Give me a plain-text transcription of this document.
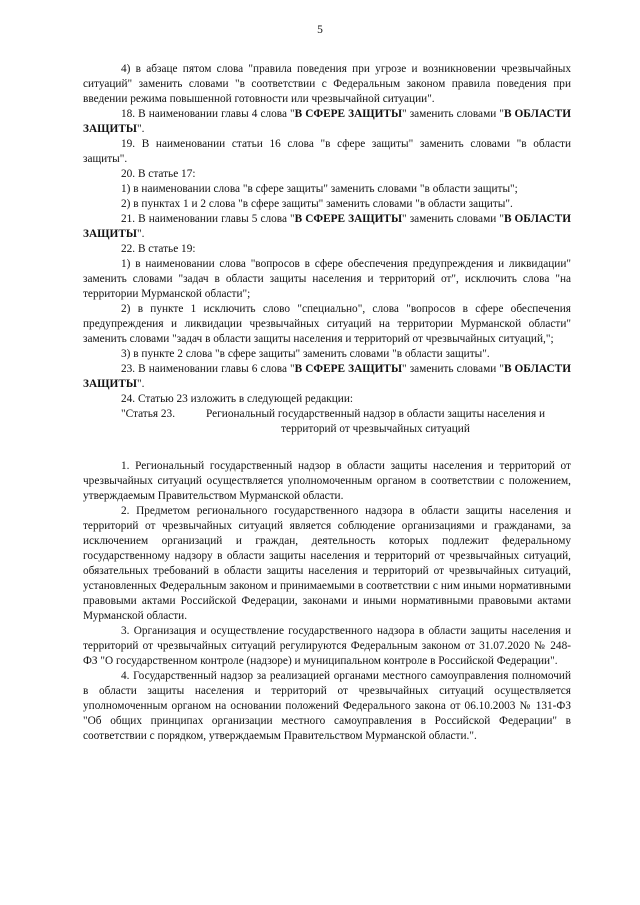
5

4) в абзаце пятом слова "правила поведения при угрозе и возникновении чрезвычайных ситуаций" заменить словами "в соответствии с Федеральным законом правила поведения при введении режима повышенной готовности или чрезвычайной ситуации".

18. В наименовании главы 4 слова "В СФЕРЕ ЗАЩИТЫ" заменить словами "В ОБЛАСТИ ЗАЩИТЫ".

19. В наименовании статьи 16 слова "в сфере защиты" заменить словами "в области защиты".

20. В статье 17:

1) в наименовании слова "в сфере защиты" заменить словами "в области защиты";

2) в пунктах 1 и 2 слова "в сфере защиты" заменить словами "в области защиты".

21. В наименовании главы 5 слова "В СФЕРЕ ЗАЩИТЫ" заменить словами "В ОБЛАСТИ ЗАЩИТЫ".

22. В статье 19:

1) в наименовании слова "вопросов в сфере обеспечения предупреждения и ликвидации" заменить словами "задач в области защиты населения и территорий от", исключить слова "на территории Мурманской области";

2) в пункте 1 исключить слово "специально", слова "вопросов в сфере обеспечения предупреждения и ликвидации чрезвычайных ситуаций на территории Мурманской области" заменить словами "задач в области защиты населения и территорий от чрезвычайных ситуаций,";

3) в пункте 2 слова "в сфере защиты" заменить словами "в области защиты".

23. В наименовании главы 6 слова "В СФЕРЕ ЗАЩИТЫ" заменить словами "В ОБЛАСТИ ЗАЩИТЫ".

24. Статью 23 изложить в следующей редакции:

"Статья 23.	Региональный государственный надзор в области защиты населения и территорий от чрезвычайных ситуаций

1. Региональный государственный надзор в области защиты населения и территорий от чрезвычайных ситуаций осуществляется уполномоченным органом в соответствии с положением, утверждаемым Правительством Мурманской области.

2. Предметом регионального государственного надзора в области защиты населения и территорий от чрезвычайных ситуаций является соблюдение организациями и гражданами, за исключением организаций и граждан, деятельность которых подлежит федеральному государственному надзору в области защиты населения и территорий от чрезвычайных ситуаций, обязательных требований в области защиты населения и территорий от чрезвычайных ситуаций, установленных Федеральным законом и принимаемыми в соответствии с ним иными нормативными правовыми актами Российской Федерации, законами и иными нормативными правовыми актами Мурманской области.

3. Организация и осуществление государственного надзора в области защиты населения и территорий от чрезвычайных ситуаций регулируются Федеральным законом от 31.07.2020 № 248-ФЗ "О государственном контроле (надзоре) и муниципальном контроле в Российской Федерации".

4. Государственный надзор за реализацией органами местного самоуправления полномочий в области защиты населения и территорий от чрезвычайных ситуаций осуществляется уполномоченным органом на основании положений Федерального закона от 06.10.2003 № 131-ФЗ "Об общих принципах организации местного самоуправления в Российской Федерации" в соответствии с порядком, утверждаемым Правительством Мурманской области.".
